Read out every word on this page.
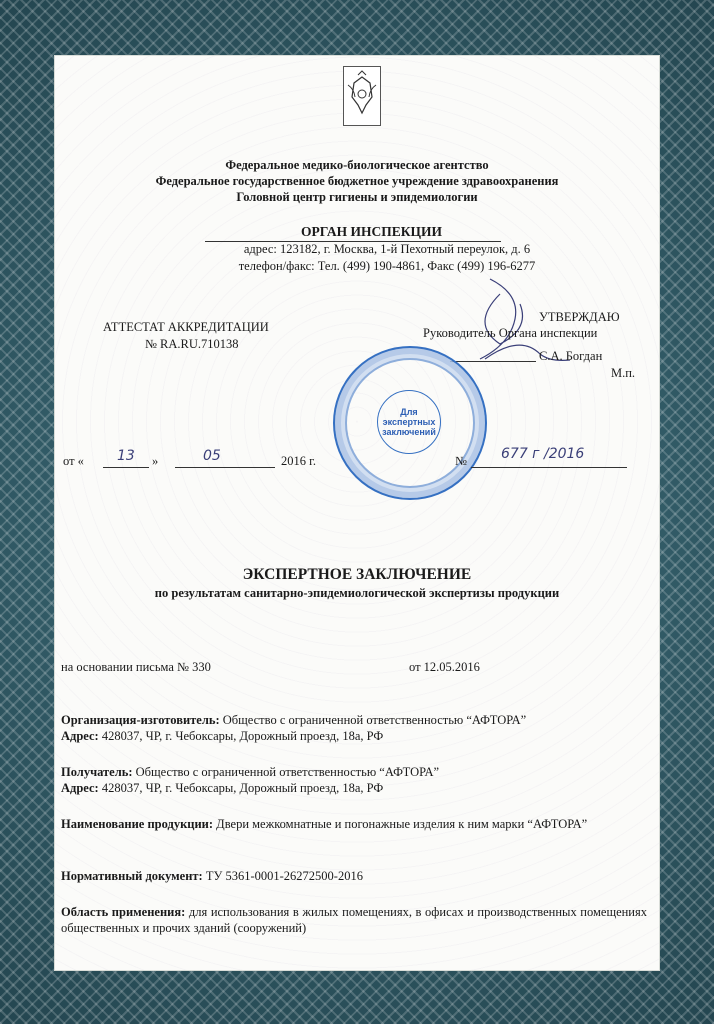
Федеральное медико-биологическое агентство
Федеральное государственное бюджетное учреждение здравоохранения
Головной центр гигиены и эпидемиологии
ОРГАН ИНСПЕКЦИИ
адрес: 123182, г. Москва, 1-й Пехотный переулок, д. 6
телефон/факс: Тел. (499) 190-4861, Факс (499) 196-6277
АТТЕСТАТ АККРЕДИТАЦИИ
№ RA.RU.710138
УТВЕРЖДАЮ
Руководитель Органа инспекции
С.А. Богдан
М.п.
Для экспертных заключений
от « 13 »	05	2016 г.	№ 677 г /2016
ЭКСПЕРТНОЕ ЗАКЛЮЧЕНИЕ
по результатам санитарно-эпидемиологической экспертизы продукции
на основании письма № 330	от 12.05.2016
Организация-изготовитель: Общество с ограниченной ответственностью “АФТОРА”
Адрес: 428037, ЧР, г. Чебоксары, Дорожный проезд, 18а, РФ
Получатель: Общество с ограниченной ответственностью “АФТОРА”
Адрес: 428037, ЧР, г. Чебоксары, Дорожный проезд, 18а, РФ
Наименование продукции: Двери межкомнатные и погонажные изделия к ним марки “АФТОРА”
Нормативный документ: ТУ 5361-0001-26272500-2016
Область применения: для использования в жилых помещениях, в офисах и производственных помещениях общественных и прочих зданий (сооружений)
